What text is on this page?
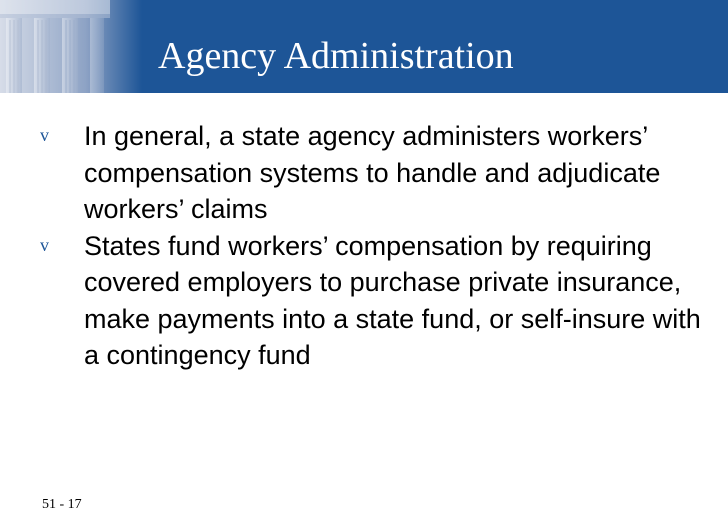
Agency Administration
v In general, a state agency administers workers’ compensation systems to handle and adjudicate workers’ claims
v States fund workers’ compensation by requiring covered employers to purchase private insurance, make payments into a state fund, or self-insure with a contingency fund
51 - 17
